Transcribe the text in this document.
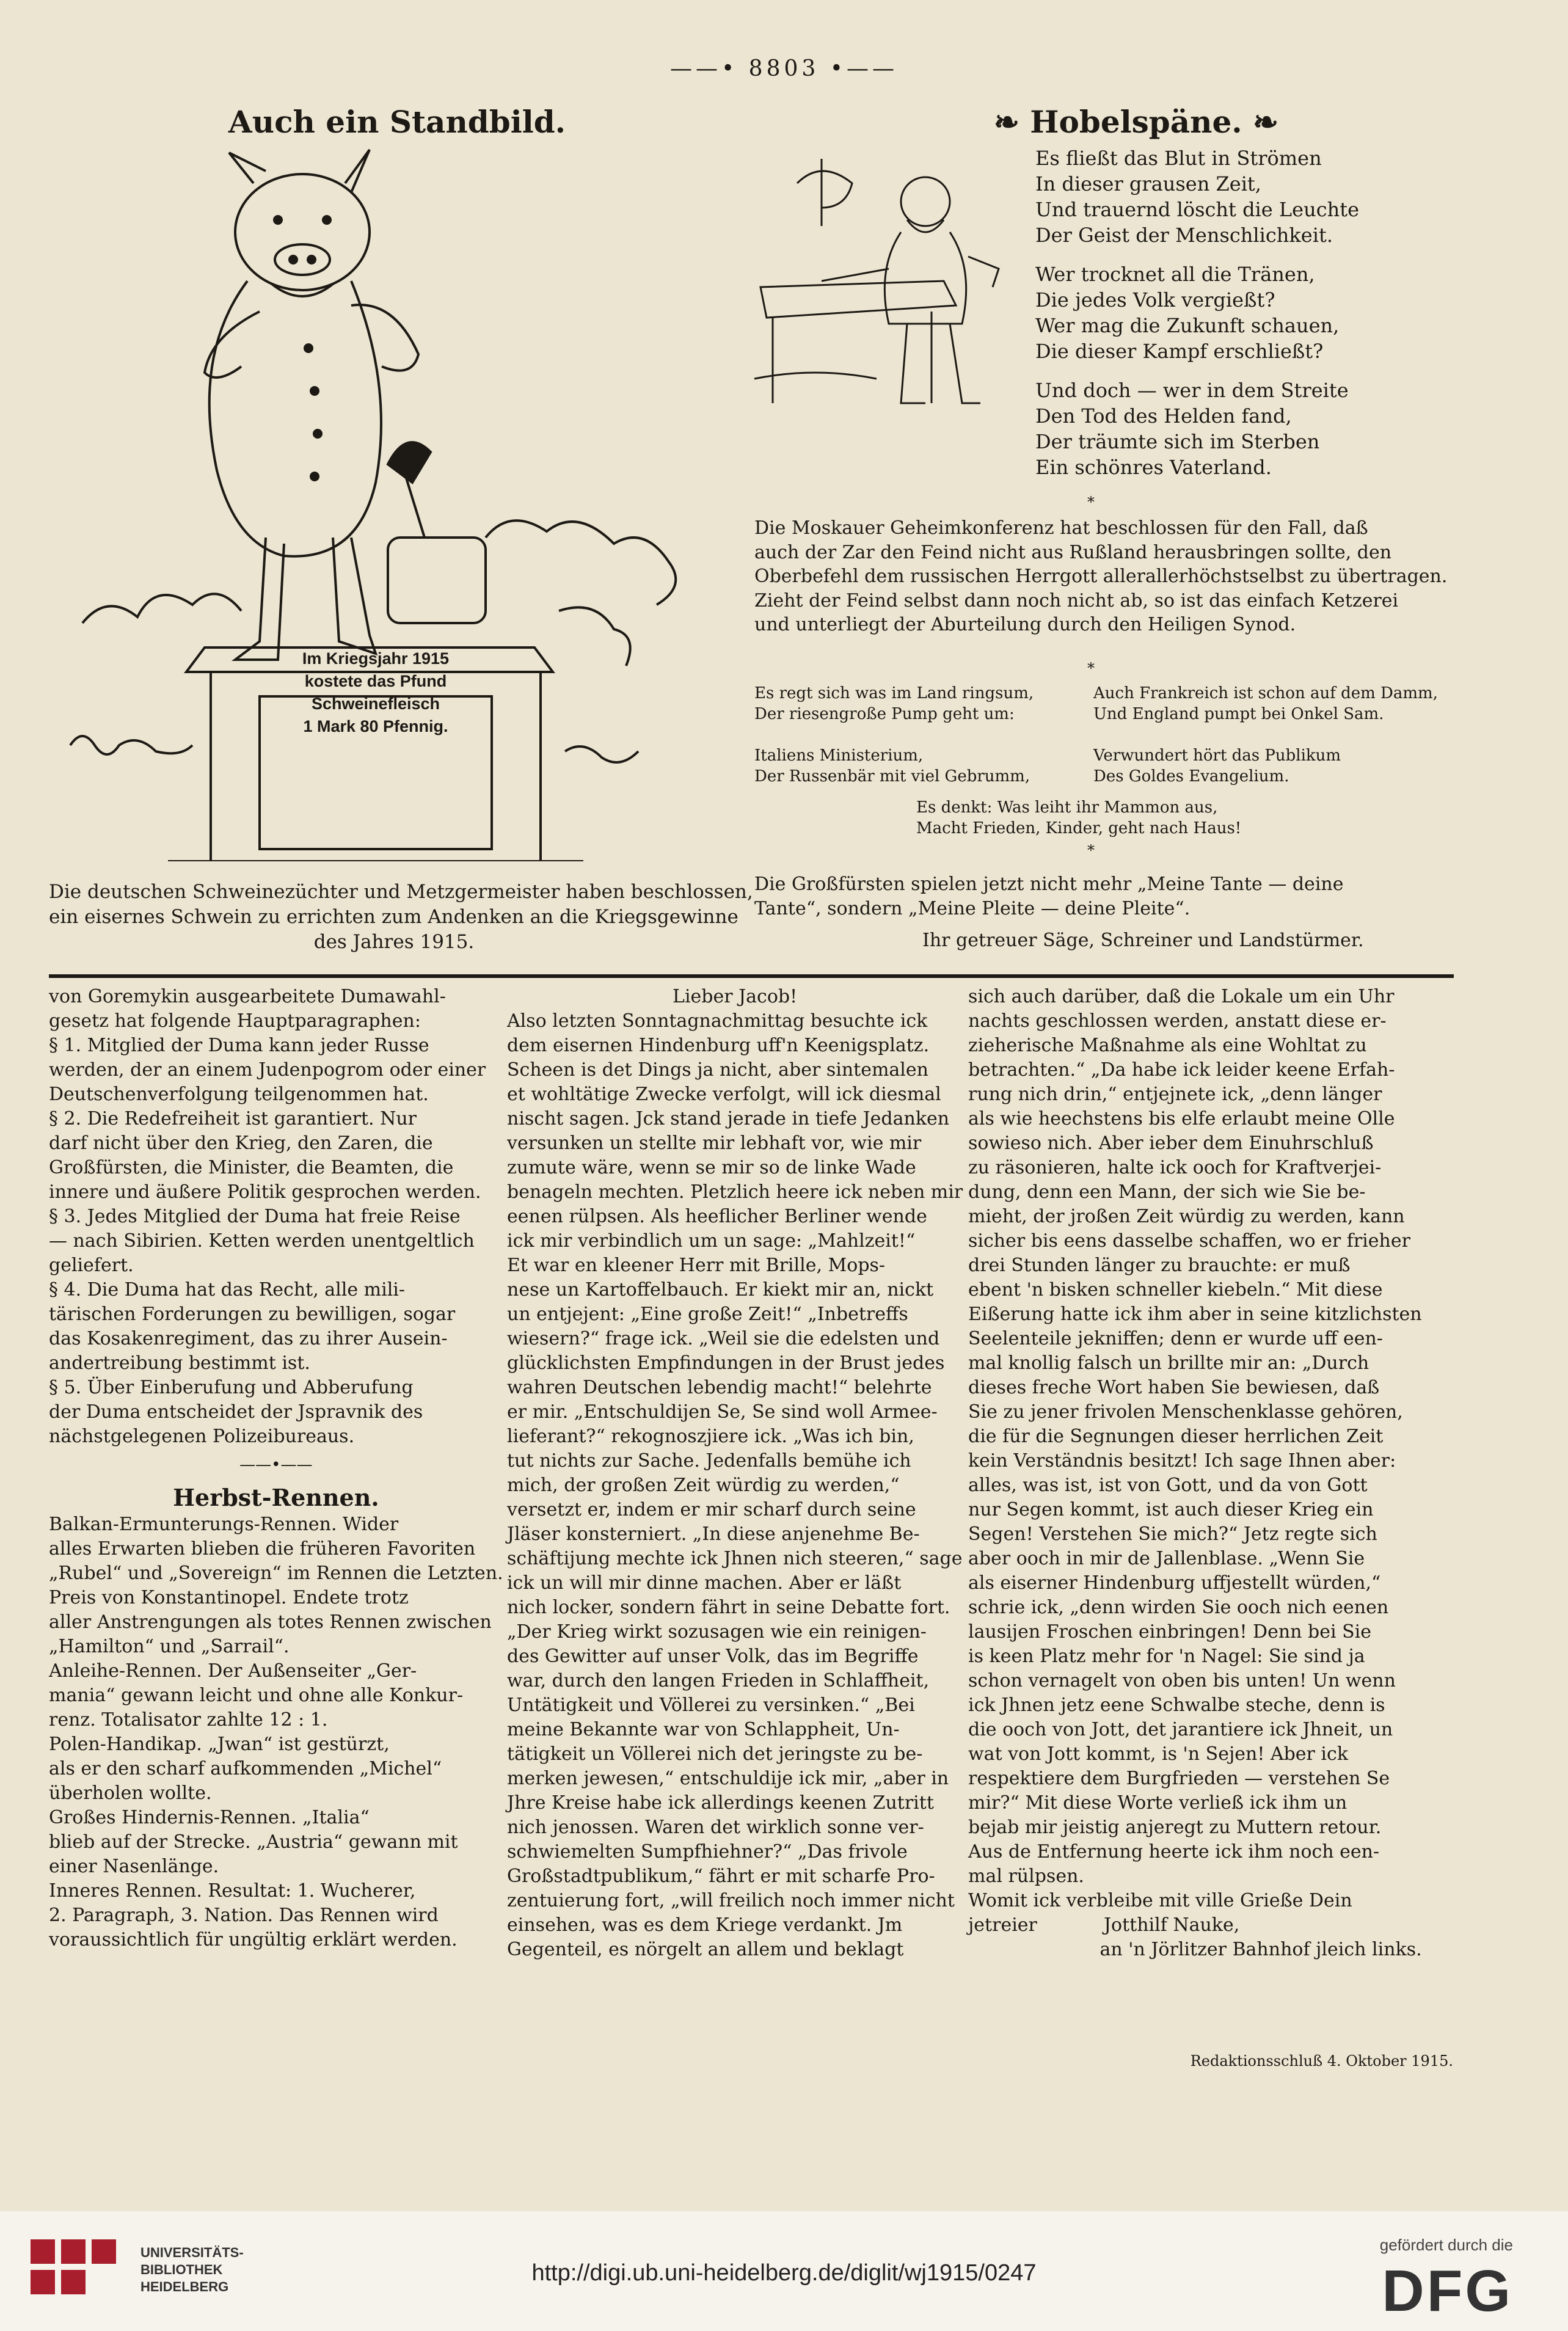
——• 8803 •——
Auch ein Standbild.
Im Kriegsjahr 1915
kostete das Pfund
Schweinefleisch
1 Mark 80 Pfennig.
Die deutschen Schweinezüchter und Metzgermeister haben beschlossen,
ein eisernes Schwein zu errichten zum Andenken an die Kriegsgewinne
des Jahres 1915.
❧ Hobelspäne. ❧
Es fließt das Blut in Strömen
In dieser grausen Zeit,
Und trauernd löscht die Leuchte
Der Geist der Menschlichkeit.
Wer trocknet all die Tränen,
Die jedes Volk vergießt?
Wer mag die Zukunft schauen,
Die dieser Kampf erschließt?
Und doch — wer in dem Streite
Den Tod des Helden fand,
Der träumte sich im Sterben
Ein schönres Vaterland.
*
Die Moskauer Geheimkonferenz hat beschlossen für den Fall, daß
auch der Zar den Feind nicht aus Rußland herausbringen sollte, den
Oberbefehl dem russischen Herrgott allerallerhöchstselbst zu übertragen.
Zieht der Feind selbst dann noch nicht ab, so ist das einfach Ketzerei
und unterliegt der Aburteilung durch den Heiligen Synod.
*
Es regt sich was im Land ringsum,
Der riesengroße Pump geht um:
Italiens Ministerium,
Der Russenbär mit viel Gebrumm,
Auch Frankreich ist schon auf dem Damm,
Und England pumpt bei Onkel Sam.
Verwundert hört das Publikum
Des Goldes Evangelium.
Es denkt: Was leiht ihr Mammon aus,
Macht Frieden, Kinder, geht nach Haus!
*
Die Großfürsten spielen jetzt nicht mehr „Meine Tante — deine
Tante“, sondern „Meine Pleite — deine Pleite“.
Ihr getreuer Säge, Schreiner und Landstürmer.
von Goremykin ausgearbeitete Dumawahl-
gesetz hat folgende Hauptparagraphen:
§ 1. Mitglied der Duma kann jeder Russe
werden, der an einem Judenpogrom oder einer
Deutschenverfolgung teilgenommen hat.
§ 2. Die Redefreiheit ist garantiert. Nur
darf nicht über den Krieg, den Zaren, die
Großfürsten, die Minister, die Beamten, die
innere und äußere Politik gesprochen werden.
§ 3. Jedes Mitglied der Duma hat freie Reise
— nach Sibirien. Ketten werden unentgeltlich
geliefert.
§ 4. Die Duma hat das Recht, alle mili-
tärischen Forderungen zu bewilligen, sogar
das Kosakenregiment, das zu ihrer Ausein-
andertreibung bestimmt ist.
§ 5. Über Einberufung und Abberufung
der Duma entscheidet der Jspravnik des
nächstgelegenen Polizeibureaus.
——•——
Herbst-Rennen.
Balkan-Ermunterungs-Rennen. Wider
alles Erwarten blieben die früheren Favoriten
„Rubel“ und „Sovereign“ im Rennen die Letzten.
Preis von Konstantinopel. Endete trotz
aller Anstrengungen als totes Rennen zwischen
„Hamilton“ und „Sarrail“.
Anleihe-Rennen. Der Außenseiter „Ger-
mania“ gewann leicht und ohne alle Konkur-
renz. Totalisator zahlte 12 : 1.
Polen-Handikap. „Jwan“ ist gestürzt,
als er den scharf aufkommenden „Michel“
überholen wollte.
Großes Hindernis-Rennen. „Italia“
blieb auf der Strecke. „Austria“ gewann mit
einer Nasenlänge.
Inneres Rennen. Resultat: 1. Wucherer,
2. Paragraph, 3. Nation. Das Rennen wird
voraussichtlich für ungültig erklärt werden.
Lieber Jacob!
Also letzten Sonntagnachmittag besuchte ick
dem eisernen Hindenburg uff'n Keenigsplatz.
Scheen is det Dings ja nicht, aber sintemalen
et wohltätige Zwecke verfolgt, will ick diesmal
nischt sagen. Jck stand jerade in tiefe Jedanken
versunken un stellte mir lebhaft vor, wie mir
zumute wäre, wenn se mir so de linke Wade
benageln mechten. Pletzlich heere ick neben mir
eenen rülpsen. Als heeflicher Berliner wende
ick mir verbindlich um un sage: „Mahlzeit!“
Et war en kleener Herr mit Brille, Mops-
nese un Kartoffelbauch. Er kiekt mir an, nickt
un entjejent: „Eine große Zeit!“ „Inbetreffs
wiesern?“ frage ick. „Weil sie die edelsten und
glücklichsten Empfindungen in der Brust jedes
wahren Deutschen lebendig macht!“ belehrte
er mir. „Entschuldijen Se, Se sind woll Armee-
lieferant?“ rekognoszjiere ick. „Was ich bin,
tut nichts zur Sache. Jedenfalls bemühe ich
mich, der großen Zeit würdig zu werden,“
versetzt er, indem er mir scharf durch seine
Jläser konsterniert. „In diese anjenehme Be-
schäftijung mechte ick Jhnen nich steeren,“ sage
ick un will mir dinne machen. Aber er läßt
nich locker, sondern fährt in seine Debatte fort.
„Der Krieg wirkt sozusagen wie ein reinigen-
des Gewitter auf unser Volk, das im Begriffe
war, durch den langen Frieden in Schlaffheit,
Untätigkeit und Völlerei zu versinken.“ „Bei
meine Bekannte war von Schlappheit, Un-
tätigkeit un Völlerei nich det jeringste zu be-
merken jewesen,“ entschuldije ick mir, „aber in
Jhre Kreise habe ick allerdings keenen Zutritt
nich jenossen. Waren det wirklich sonne ver-
schwiemelten Sumpfhiehner?“ „Das frivole
Großstadtpublikum,“ fährt er mit scharfe Pro-
zentuierung fort, „will freilich noch immer nicht
einsehen, was es dem Kriege verdankt. Jm
Gegenteil, es nörgelt an allem und beklagt
sich auch darüber, daß die Lokale um ein Uhr
nachts geschlossen werden, anstatt diese er-
zieherische Maßnahme als eine Wohltat zu
betrachten.“ „Da habe ick leider keene Erfah-
rung nich drin,“ entjejnete ick, „denn länger
als wie heechstens bis elfe erlaubt meine Olle
sowieso nich. Aber ieber dem Einuhrschluß
zu räsonieren, halte ick ooch for Kraftverjei-
dung, denn een Mann, der sich wie Sie be-
mieht, der jroßen Zeit würdig zu werden, kann
sicher bis eens dasselbe schaffen, wo er frieher
drei Stunden länger zu brauchte: er muß
ebent 'n bisken schneller kiebeln.“ Mit diese
Eißerung hatte ick ihm aber in seine kitzlichsten
Seelenteile jekniffen; denn er wurde uff een-
mal knollig falsch un brillte mir an: „Durch
dieses freche Wort haben Sie bewiesen, daß
Sie zu jener frivolen Menschenklasse gehören,
die für die Segnungen dieser herrlichen Zeit
kein Verständnis besitzt! Ich sage Ihnen aber:
alles, was ist, ist von Gott, und da von Gott
nur Segen kommt, ist auch dieser Krieg ein
Segen! Verstehen Sie mich?“ Jetz regte sich
aber ooch in mir de Jallenblase. „Wenn Sie
als eiserner Hindenburg uffjestellt würden,“
schrie ick, „denn wirden Sie ooch nich eenen
lausijen Froschen einbringen! Denn bei Sie
is keen Platz mehr for 'n Nagel: Sie sind ja
schon vernagelt von oben bis unten! Un wenn
ick Jhnen jetz eene Schwalbe steche, denn is
die ooch von Jott, det jarantiere ick Jhneit, un
wat von Jott kommt, is 'n Sejen! Aber ick
respektiere dem Burgfrieden — verstehen Se
mir?“ Mit diese Worte verließ ick ihm un
bejab mir jeistig anjeregt zu Muttern retour.
Aus de Entfernung heerte ick ihm noch een-
mal rülpsen.
Womit ick verbleibe mit ville Grieße Dein
jetreier	Jotthilf Nauke,
an 'n Jörlitzer Bahnhof jleich links.
Redaktionsschluß 4. Oktober 1915.
UNIVERSITÄTS-
BIBLIOTHEK
HEIDELBERG
http://digi.ub.uni-heidelberg.de/diglit/wj1915/0247
gefördert durch die
DFG
